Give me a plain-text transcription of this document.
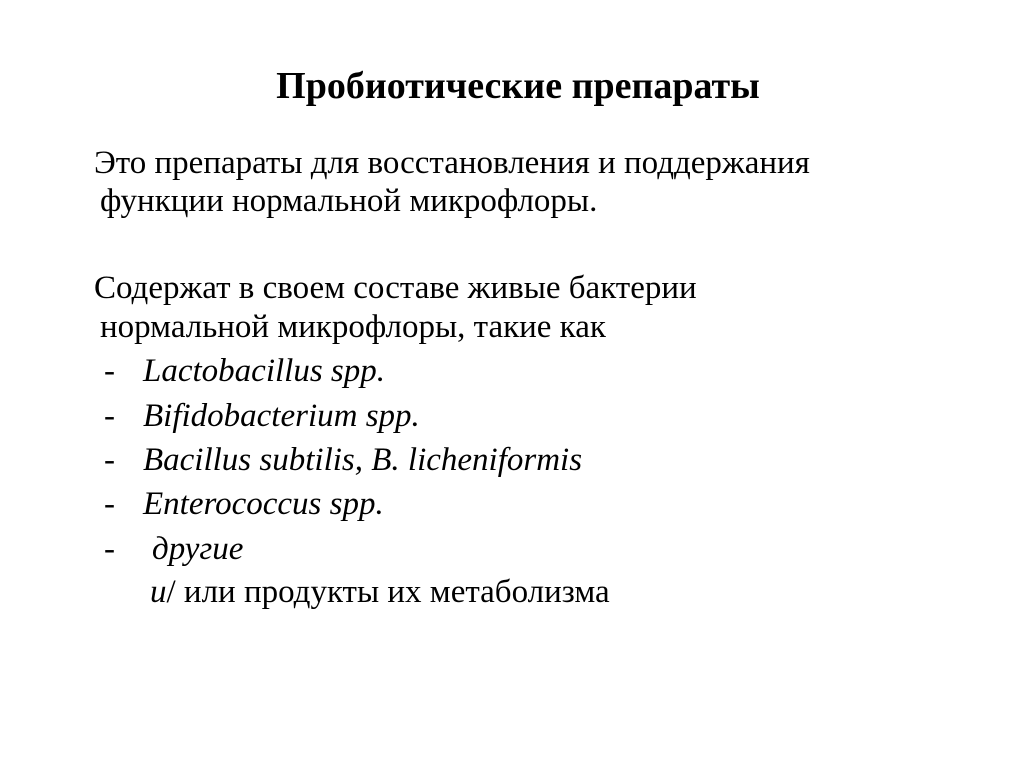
Пробиотические препараты
Это препараты для восстановления и поддержания
функции нормальной микрофлоры.
Содержат в своем составе живые бактерии
нормальной микрофлоры, такие как
- Lactobacillus spp.
- Bifidobacterium spp.
- Bacillus subtilis, B. licheniformis
- Enterococcus spp.
- другие
и/ или продукты их метаболизма
